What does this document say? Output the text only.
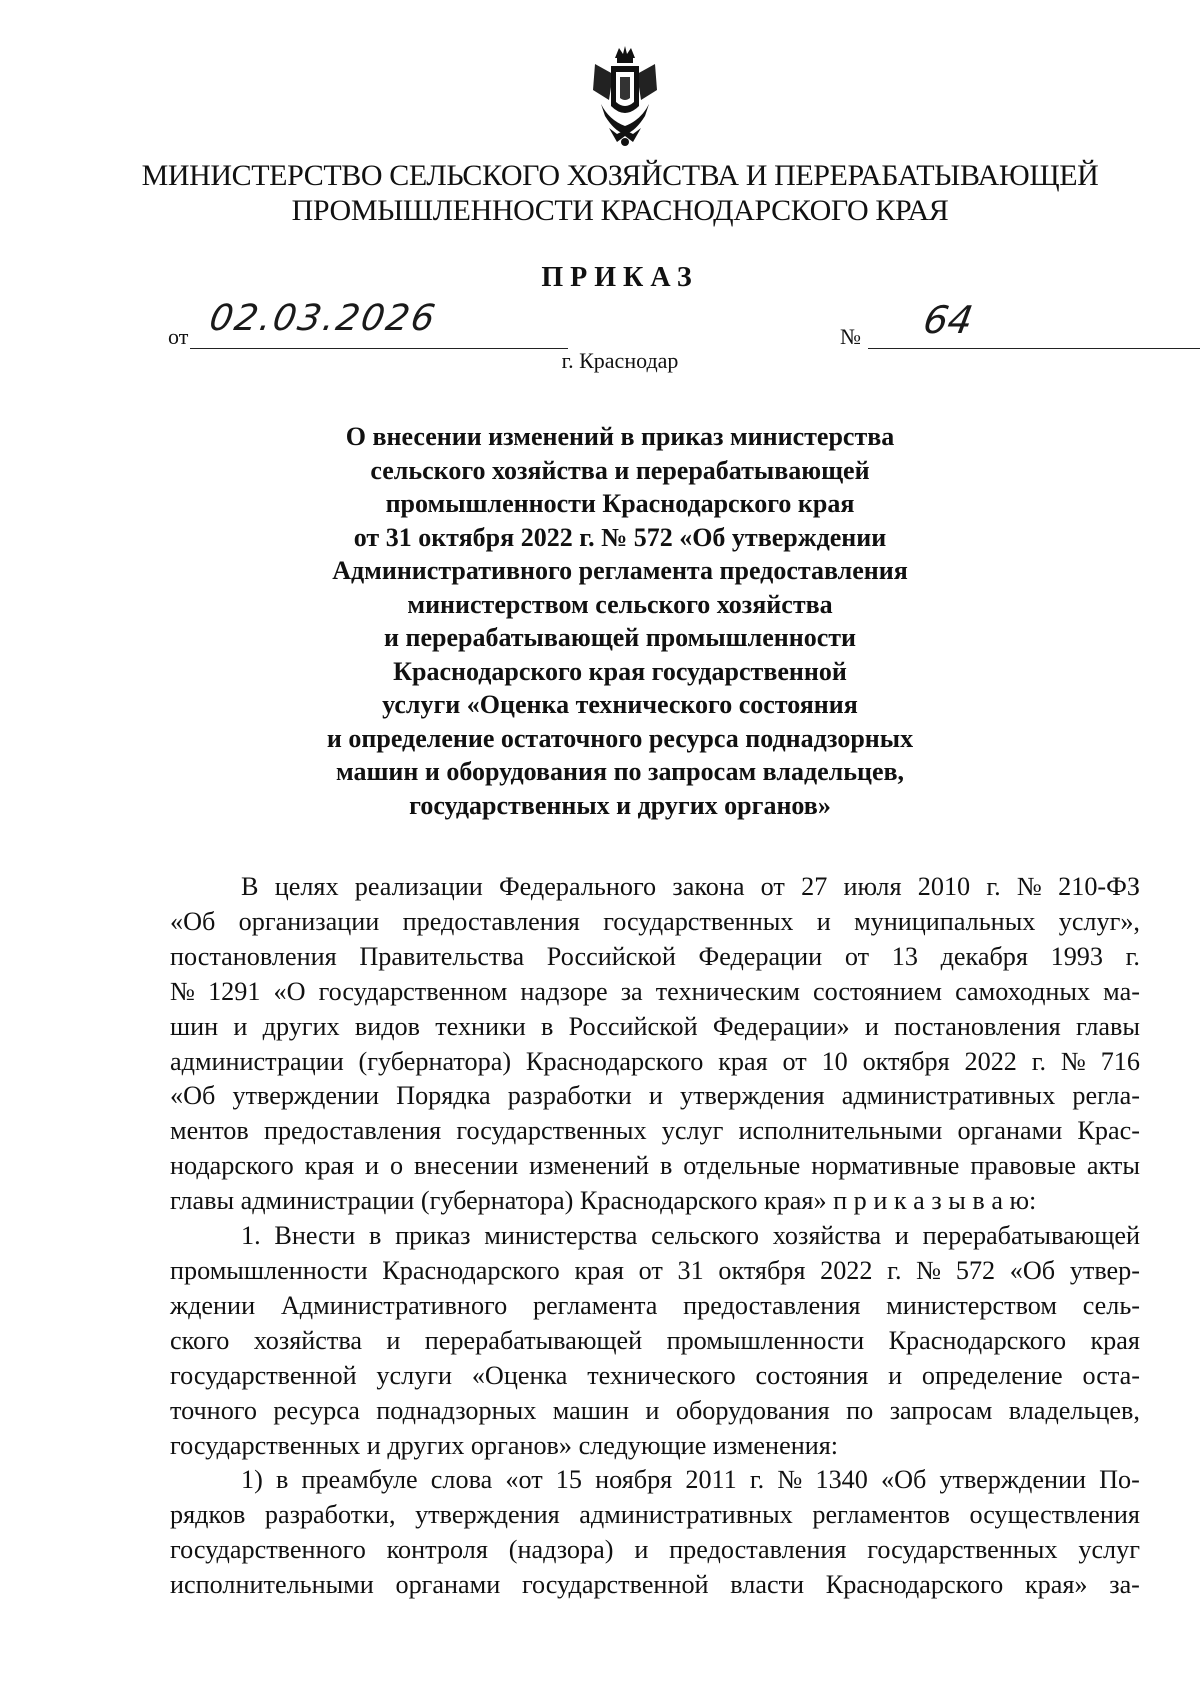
МИНИСТЕРСТВО СЕЛЬСКОГО ХОЗЯЙСТВА И ПЕРЕРАБАТЫВАЮЩЕЙ
ПРОМЫШЛЕННОСТИ КРАСНОДАРСКОГО КРАЯ
ПРИКАЗ
от 02.03.2026	№ 64
г. Краснодар
О внесении изменений в приказ министерства
сельского хозяйства и перерабатывающей
промышленности Краснодарского края
от 31 октября 2022 г. № 572 «Об утверждении
Административного регламента предоставления
министерством сельского хозяйства
и перерабатывающей промышленности
Краснодарского края государственной
услуги «Оценка технического состояния
и определение остаточного ресурса поднадзорных
машин и оборудования по запросам владельцев,
государственных и других органов»
В целях реализации Федерального закона от 27 июля 2010 г. № 210-ФЗ
«Об организации предоставления государственных и муниципальных услуг»,
постановления Правительства Российской Федерации от 13 декабря 1993 г.
№ 1291 «О государственном надзоре за техническим состоянием самоходных ма-
шин и других видов техники в Российской Федерации» и постановления главы
администрации (губернатора) Краснодарского края от 10 октября 2022 г. № 716
«Об утверждении Порядка разработки и утверждения административных регла-
ментов предоставления государственных услуг исполнительными органами Крас-
нодарского края и о внесении изменений в отдельные нормативные правовые акты
главы администрации (губернатора) Краснодарского края» п р и к а з ы в а ю:
1. Внести в приказ министерства сельского хозяйства и перерабатывающей
промышленности Краснодарского края от 31 октября 2022 г. № 572 «Об утвер-
ждении Административного регламента предоставления министерством сель-
ского хозяйства и перерабатывающей промышленности Краснодарского края
государственной услуги «Оценка технического состояния и определение оста-
точного ресурса поднадзорных машин и оборудования по запросам владельцев,
государственных и других органов» следующие изменения:
1) в преамбуле слова «от 15 ноября 2011 г. № 1340 «Об утверждении По-
рядков разработки, утверждения административных регламентов осуществления
государственного контроля (надзора) и предоставления государственных услуг
исполнительными органами государственной власти Краснодарского края» за-
